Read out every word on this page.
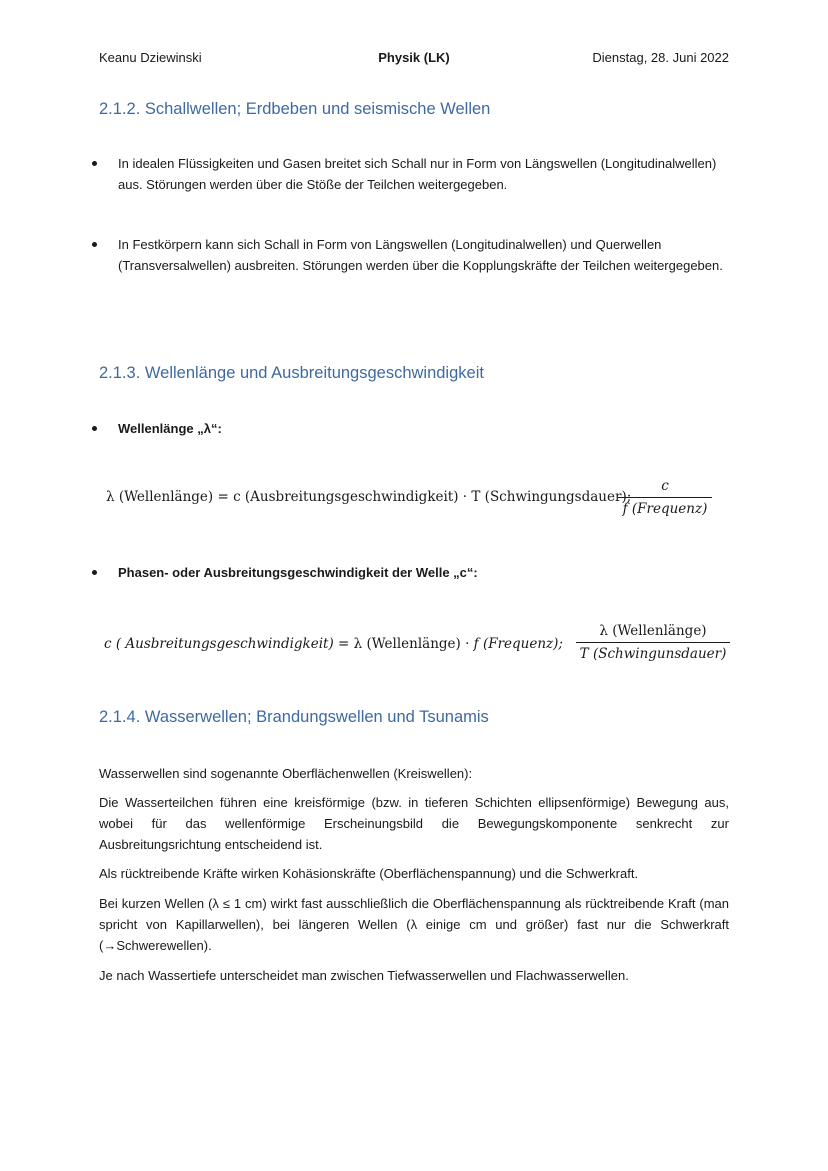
Keanu Dziewinski	Physik (LK)	Dienstag, 28. Juni 2022
2.1.2. Schallwellen; Erdbeben und seismische Wellen
In idealen Flüssigkeiten und Gasen breitet sich Schall nur in Form von Längswellen (Longitudinalwellen) aus. Störungen werden über die Stöße der Teilchen weitergegeben.
In Festkörpern kann sich Schall in Form von Längswellen (Longitudinalwellen) und Querwellen (Transversalwellen) ausbreiten. Störungen werden über die Kopplungskräfte der Teilchen weitergegeben.
2.1.3. Wellenlänge und Ausbreitungsgeschwindigkeit
Wellenlänge „λ“:
λ (Wellenlänge) = c (Ausbreitungsgeschwindigkeit) · T (Schwingungsdauer);
c
f (Frequenz)
Phasen- oder Ausbreitungsgeschwindigkeit der Welle „c“:
c ( Ausbreitungsgeschwindigkeit) = λ (Wellenlänge) · f (Frequenz);
λ (Wellenlänge)
T (Schwingunsdauer)
2.1.4. Wasserwellen; Brandungswellen und Tsunamis
Wasserwellen sind sogenannte Oberflächenwellen (Kreiswellen):
Die Wasserteilchen führen eine kreisförmige (bzw. in tieferen Schichten ellipsenförmige) Bewegung aus, wobei für das wellenförmige Erscheinungsbild die Bewegungskomponente senkrecht zur Ausbreitungsrichtung entscheidend ist.
Als rücktreibende Kräfte wirken Kohäsionskräfte (Oberflächenspannung) und die Schwerkraft.
Bei kurzen Wellen (λ ≤ 1 cm) wirkt fast ausschließlich die Oberflächenspannung als rücktreibende Kraft (man spricht von Kapillarwellen), bei längeren Wellen (λ einige cm und größer) fast nur die Schwerkraft (→Schwerewellen).
Je nach Wassertiefe unterscheidet man zwischen Tiefwasserwellen und Flachwasserwellen.
